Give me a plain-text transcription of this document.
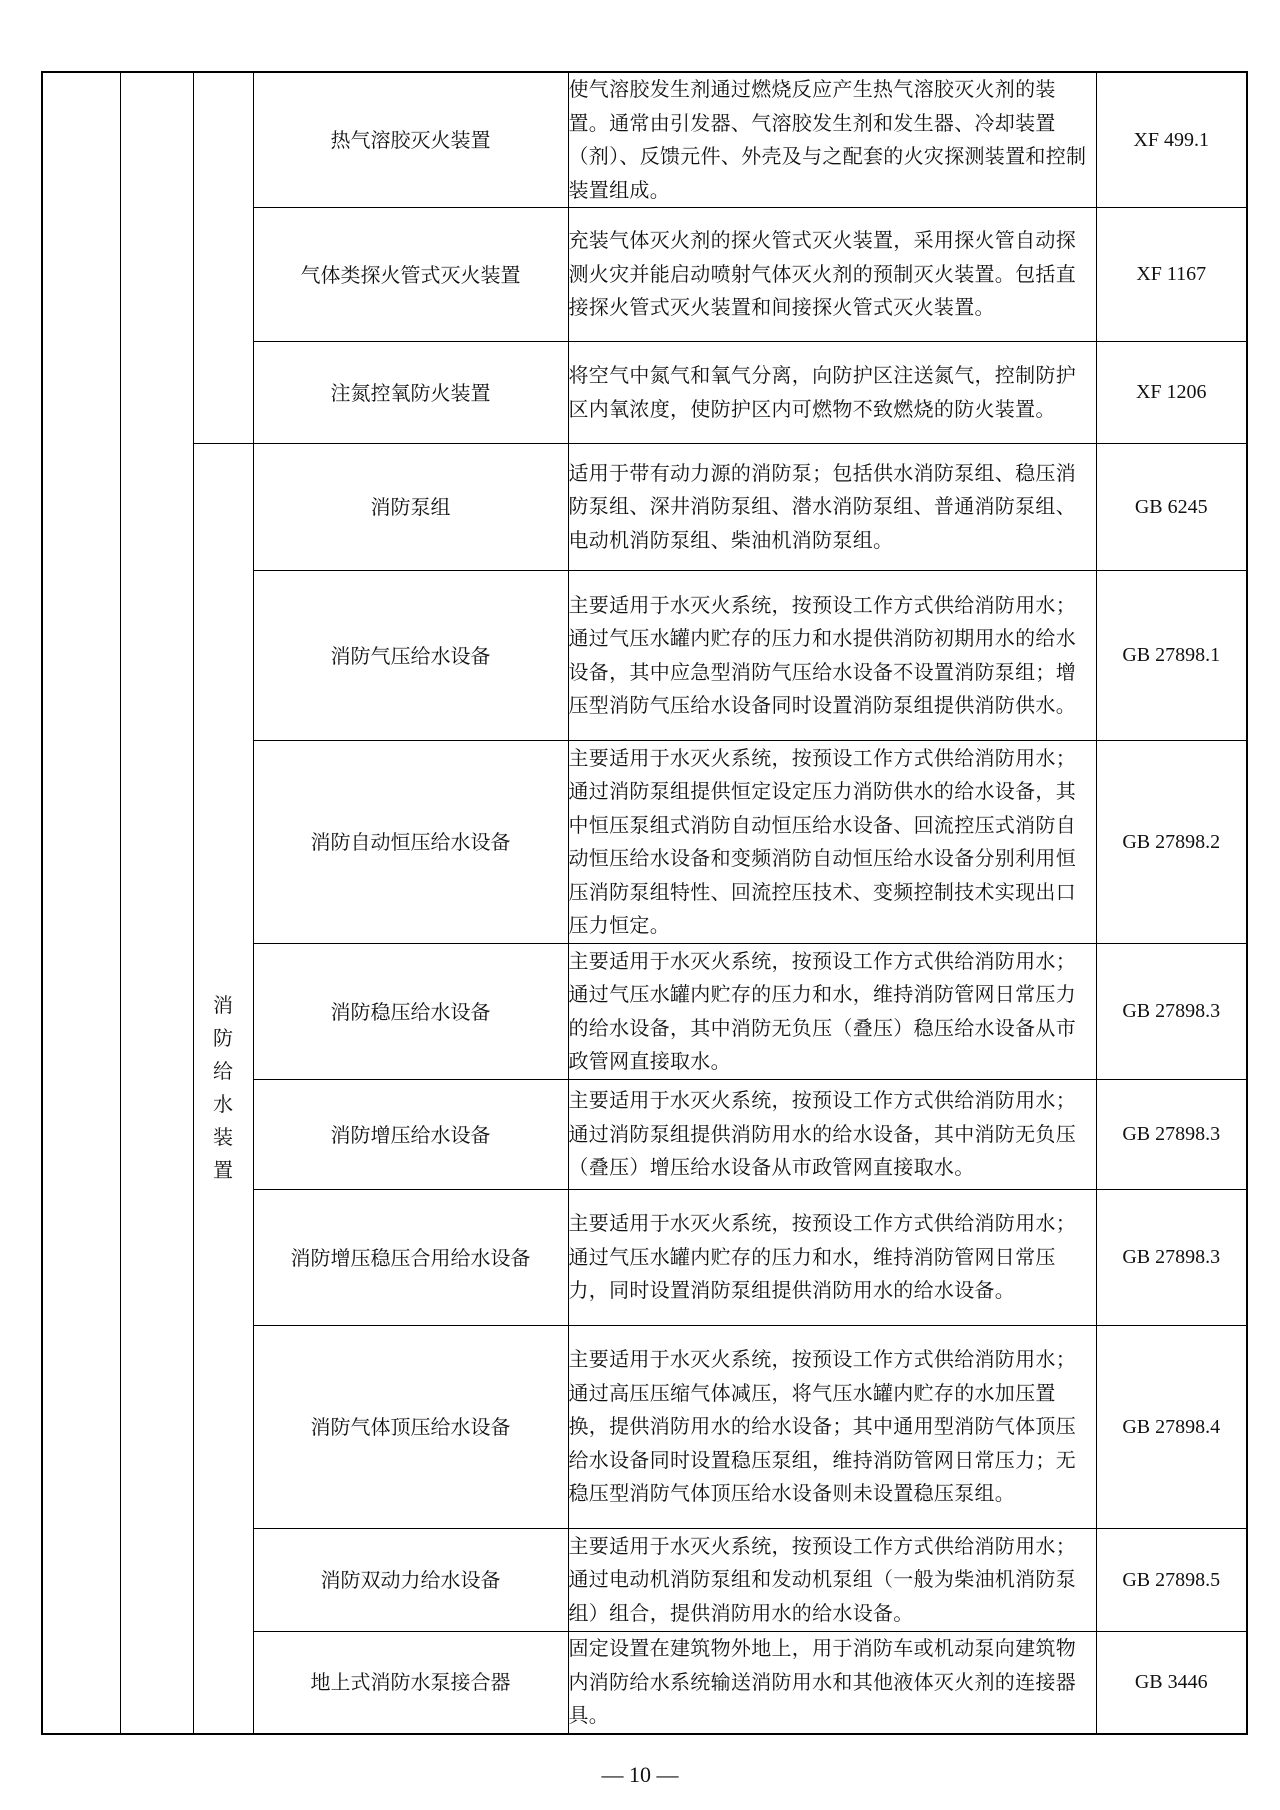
			热气溶胶灭火装置	使气溶胶发生剂通过燃烧反应产生热气溶胶灭火剂的装置。通常由引发器、气溶胶发生剂和发生器、冷却装置（剂）、反馈元件、外壳及与之配套的火灾探测装置和控制装置组成。	XF 499.1
			气体类探火管式灭火装置	充装气体灭火剂的探火管式灭火装置，采用探火管自动探测火灾并能启动喷射气体灭火剂的预制灭火装置。包括直接探火管式灭火装置和间接探火管式灭火装置。	XF 1167
			注氮控氧防火装置	将空气中氮气和氧气分离，向防护区注送氮气，控制防护区内氧浓度，使防护区内可燃物不致燃烧的防火装置。	XF 1206
		消防给水装置	消防泵组	适用于带有动力源的消防泵；包括供水消防泵组、稳压消防泵组、深井消防泵组、潜水消防泵组、普通消防泵组、电动机消防泵组、柴油机消防泵组。	GB 6245
			消防气压给水设备	主要适用于水灭火系统，按预设工作方式供给消防用水；通过气压水罐内贮存的压力和水提供消防初期用水的给水设备，其中应急型消防气压给水设备不设置消防泵组；增压型消防气压给水设备同时设置消防泵组提供消防供水。	GB 27898.1
			消防自动恒压给水设备	主要适用于水灭火系统，按预设工作方式供给消防用水；通过消防泵组提供恒定设定压力消防供水的给水设备，其中恒压泵组式消防自动恒压给水设备、回流控压式消防自动恒压给水设备和变频消防自动恒压给水设备分别利用恒压消防泵组特性、回流控压技术、变频控制技术实现出口压力恒定。	GB 27898.2
			消防稳压给水设备	主要适用于水灭火系统，按预设工作方式供给消防用水；通过气压水罐内贮存的压力和水，维持消防管网日常压力的给水设备，其中消防无负压（叠压）稳压给水设备从市政管网直接取水。	GB 27898.3
			消防增压给水设备	主要适用于水灭火系统，按预设工作方式供给消防用水；通过消防泵组提供消防用水的给水设备，其中消防无负压（叠压）增压给水设备从市政管网直接取水。	GB 27898.3
			消防增压稳压合用给水设备	主要适用于水灭火系统，按预设工作方式供给消防用水；通过气压水罐内贮存的压力和水，维持消防管网日常压力，同时设置消防泵组提供消防用水的给水设备。	GB 27898.3
			消防气体顶压给水设备	主要适用于水灭火系统，按预设工作方式供给消防用水；通过高压压缩气体减压，将气压水罐内贮存的水加压置换，提供消防用水的给水设备；其中通用型消防气体顶压给水设备同时设置稳压泵组，维持消防管网日常压力；无稳压型消防气体顶压给水设备则未设置稳压泵组。	GB 27898.4
			消防双动力给水设备	主要适用于水灭火系统，按预设工作方式供给消防用水；通过电动机消防泵组和发动机泵组（一般为柴油机消防泵组）组合，提供消防用水的给水设备。	GB 27898.5
			地上式消防水泵接合器	固定设置在建筑物外地上，用于消防车或机动泵向建筑物内消防给水系统输送消防用水和其他液体灭火剂的连接器具。	GB 3446
— 10 —
